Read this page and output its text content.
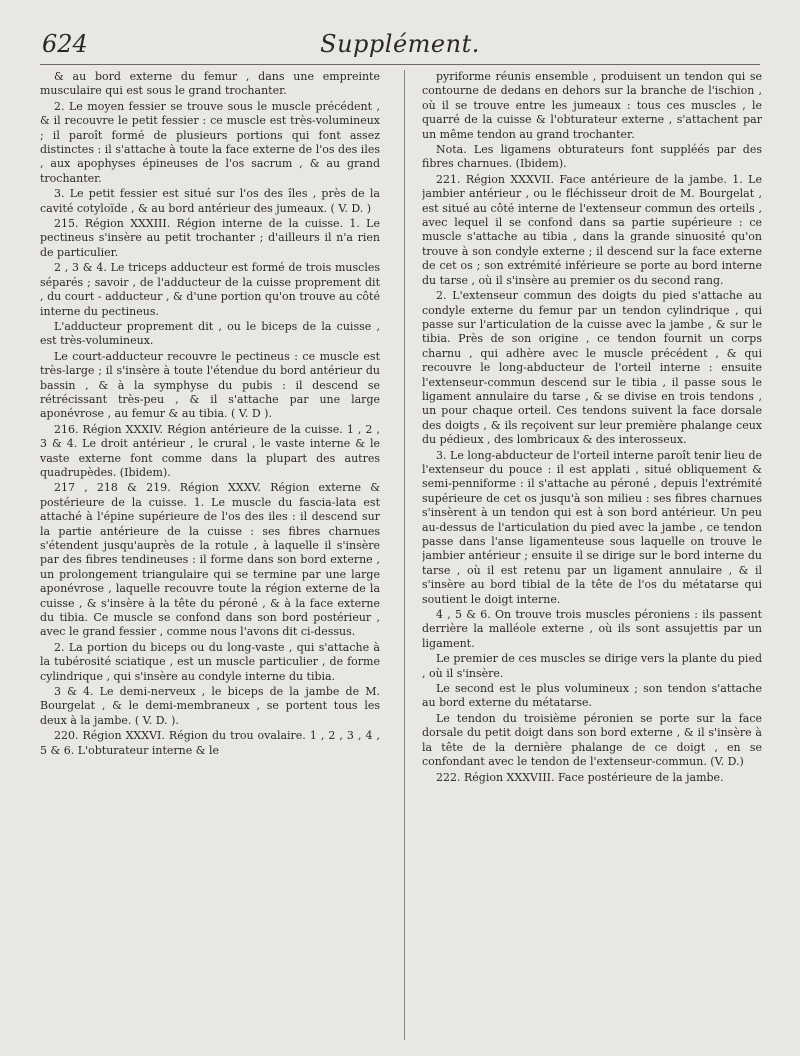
624	Supplément.

& au bord externe du femur , dans une empreinte musculaire qui est sous le grand trochanter.

2. Le moyen fessier se trouve sous le muscle précédent , & il recouvre le petit fessier : ce muscle est très-volumineux ; il paroît formé de plusieurs portions qui font assez distinctes : il s'attache à toute la face externe de l'os des iles , aux apophyses épineuses de l'os sacrum , & au grand trochanter.

3. Le petit fessier est situé sur l'os des îles , près de la cavité cotyloïde , & au bord antérieur des jumeaux. ( V. D. )

215. Région XXXIII. Région interne de la cuisse. 1. Le pectineus s'insère au petit trochanter ; d'ailleurs il n'a rien de particulier.

2 , 3 & 4. Le triceps adducteur est formé de trois muscles séparés ; savoir , de l'adducteur de la cuisse proprement dit , du court - adducteur , & d'une portion qu'on trouve au côté interne du pectineus.

L'adducteur proprement dit , ou le biceps de la cuisse , est très-volumineux.

Le court-adducteur recouvre le pectineus : ce muscle est très-large ; il s'insère à toute l'étendue du bord antérieur du bassin , & à la symphyse du pubis : il descend se rétrécissant très-peu , & il s'attache par une large aponévrose , au femur & au tibia. ( V. D ).

216. Région XXXIV. Région antérieure de la cuisse. 1 , 2 , 3 & 4. Le droit antérieur , le crural , le vaste interne & le vaste externe font comme dans la plupart des autres quadrupèdes. (Ibidem).

217 , 218 & 219. Région XXXV. Région externe & postérieure de la cuisse. 1. Le muscle du fascia-lata est attaché à l'épine supérieure de l'os des iles : il descend sur la partie antérieure de la cuisse : ses fibres charnues s'étendent jusqu'auprès de la rotule , à laquelle il s'insère par des fibres tendineuses : il forme dans son bord externe , un prolongement triangulaire qui se termine par une large aponévrose , laquelle recouvre toute la région externe de la cuisse , & s'insère à la tête du péroné , & à la face externe du tibia. Ce muscle se confond dans son bord postérieur , avec le grand fessier , comme nous l'avons dit ci-dessus.

2. La portion du biceps ou du long-vaste , qui s'attache à la tubérosité sciatique , est un muscle particulier , de forme cylindrique , qui s'insère au condyle interne du tibia.

3 & 4. Le demi-nerveux , le biceps de la jambe de M. Bourgelat , & le demi-membraneux , se portent tous les deux à la jambe. ( V. D. ).

220. Région XXXVI. Région du trou ovalaire. 1 , 2 , 3 , 4 , 5 & 6. L'obturateur interne & le

pyriforme réunis ensemble , produisent un tendon qui se contourne de dedans en dehors sur la branche de l'ischion , où il se trouve entre les jumeaux : tous ces muscles , le quarré de la cuisse & l'obturateur externe , s'attachent par un même tendon au grand trochanter.

Nota. Les ligamens obturateurs font suppléés par des fibres charnues. (Ibidem).

221. Région XXXVII. Face antérieure de la jambe. 1. Le jambier antérieur , ou le fléchisseur droit de M. Bourgelat , est situé au côté interne de l'extenseur commun des orteils , avec lequel il se confond dans sa partie supérieure : ce muscle s'attache au tibia , dans la grande sinuosité qu'on trouve à son condyle externe ; il descend sur la face externe de cet os ; son extrémité inférieure se porte au bord interne du tarse , où il s'insère au premier os du second rang.

2. L'extenseur commun des doigts du pied s'attache au condyle externe du femur par un tendon cylindrique , qui passe sur l'articulation de la cuisse avec la jambe , & sur le tibia. Près de son origine , ce tendon fournit un corps charnu , qui adhère avec le muscle précédent , & qui recouvre le long-abducteur de l'orteil interne : ensuite l'extenseur-commun descend sur le tibia , il passe sous le ligament annulaire du tarse , & se divise en trois tendons , un pour chaque orteil. Ces tendons suivent la face dorsale des doigts , & ils reçoivent sur leur première phalange ceux du pédieux , des lombricaux & des interosseux.

3. Le long-abducteur de l'orteil interne paroît tenir lieu de l'extenseur du pouce : il est applati , situé obliquement & semi-penniforme : il s'attache au péroné , depuis l'extrémité supérieure de cet os jusqu'à son milieu : ses fibres charnues s'insèrent à un tendon qui est à son bord antérieur. Un peu au-dessus de l'articulation du pied avec la jambe , ce tendon passe dans l'anse ligamenteuse sous laquelle on trouve le jambier antérieur ; ensuite il se dirige sur le bord interne du tarse , où il est retenu par un ligament annulaire , & il s'insère au bord tibial de la tête de l'os du métatarse qui soutient le doigt interne.

4 , 5 & 6. On trouve trois muscles péroniens : ils passent derrière la malléole externe , où ils sont assujettis par un ligament.

Le premier de ces muscles se dirige vers la plante du pied , où il s'insère.

Le second est le plus volumineux ; son tendon s'attache au bord externe du métatarse.

Le tendon du troisième péronien se porte sur la face dorsale du petit doigt dans son bord externe , & il s'insère à la tête de la dernière phalange de ce doigt , en se confondant avec le tendon de l'extenseur-commun. (V. D.)

222. Région XXXVIII. Face postérieure de la jambe.
